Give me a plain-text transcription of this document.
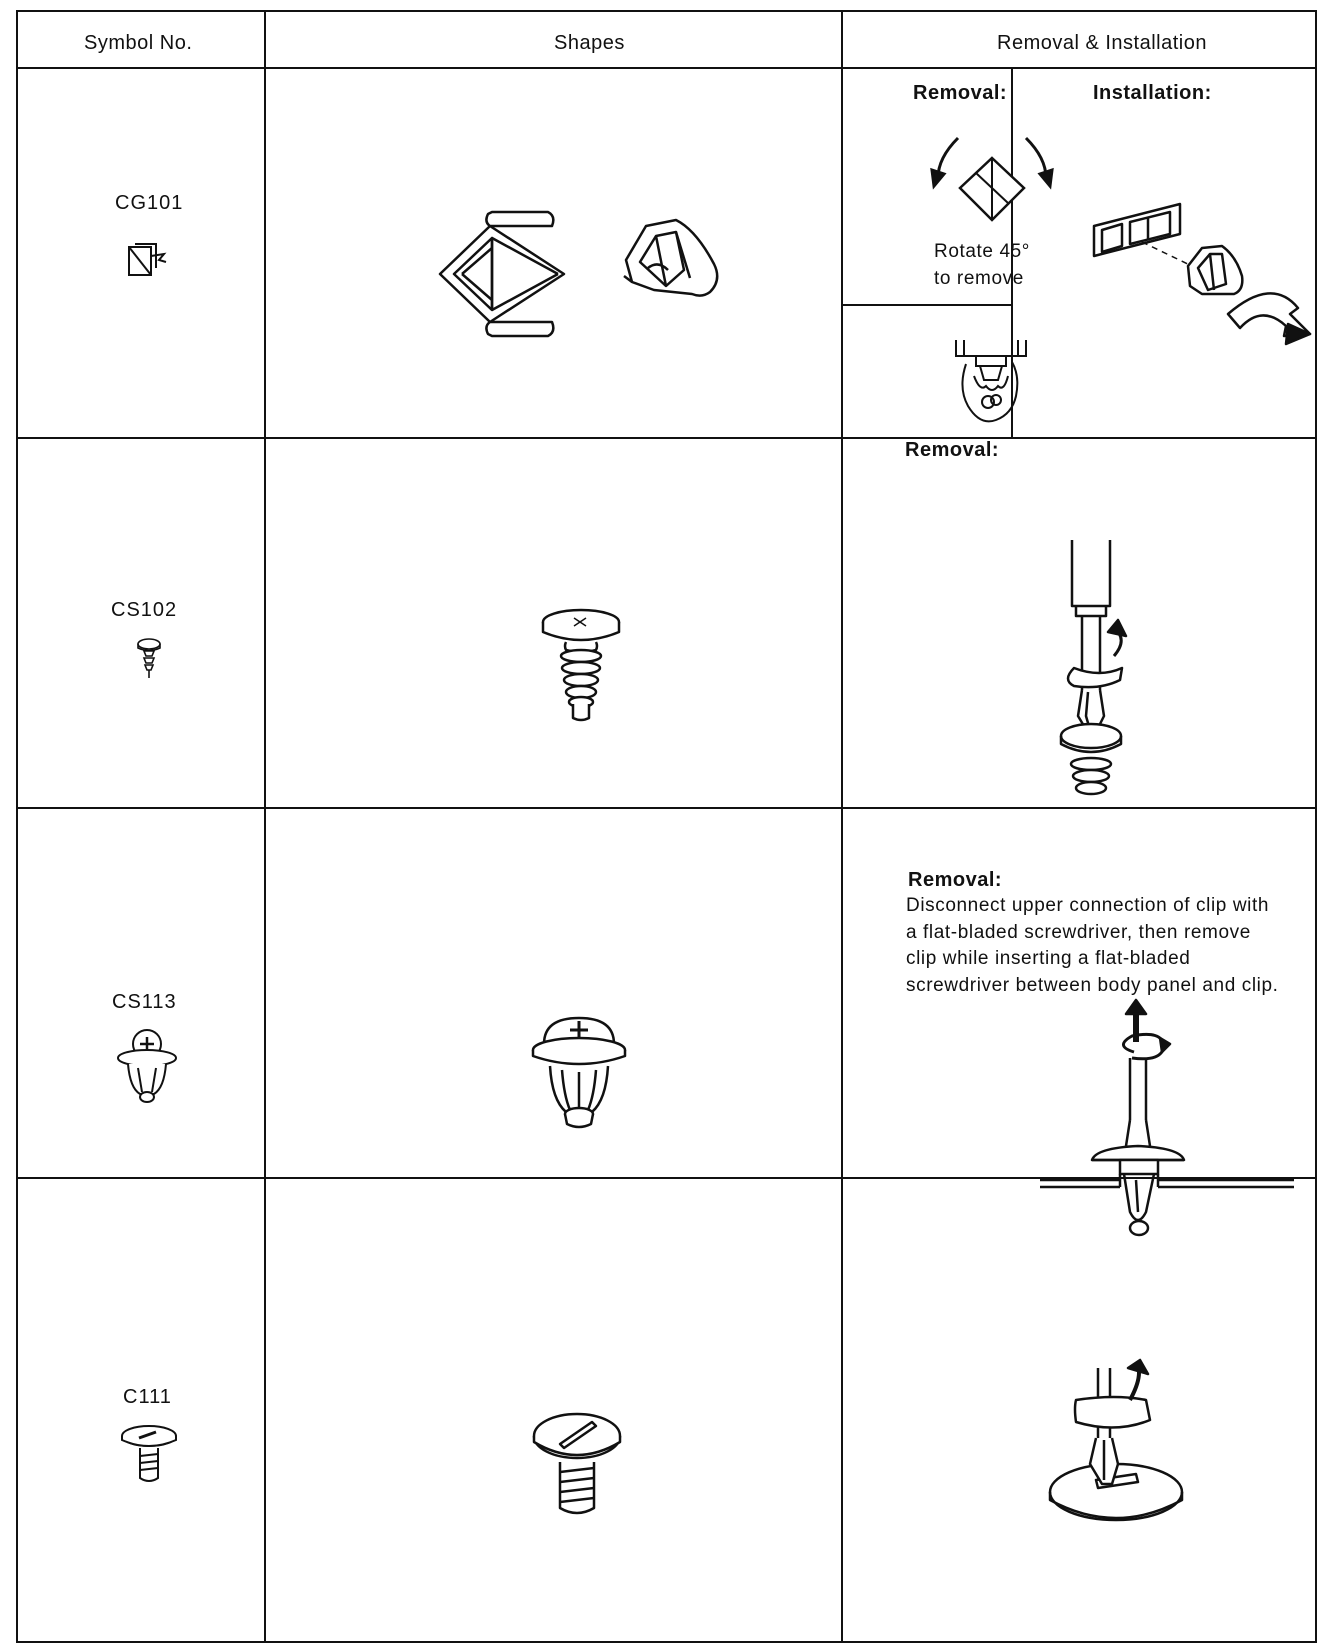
Symbol No.	Shapes	Removal & Installation
CG101
Removal:
Rotate 45°
to remove
Removal:
Installation:
CS102
CS113
Removal:
Disconnect upper connection of clip with a flat-bladed screwdriver, then remove clip while inserting a flat-bladed screwdriver between body panel and clip.
C111
